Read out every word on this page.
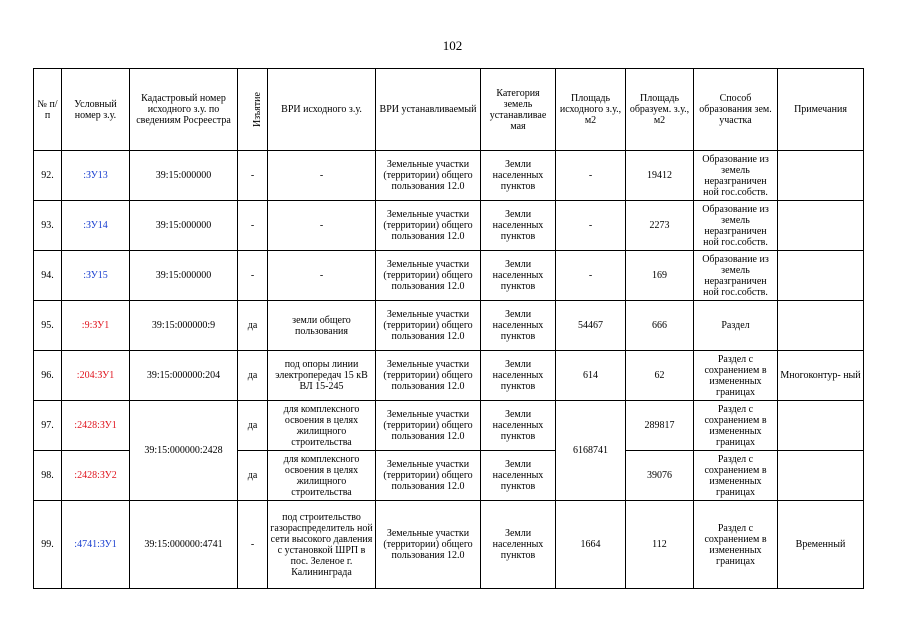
102
№ п/п	Условный номер з.у.	Кадастровый номер исходного з.у. по сведениям Росреестра	Изъятие	ВРИ исходного з.у.	ВРИ устанавливаемый	Категория земель устанавливае мая	Площадь исходного з.у., м2	Площадь образуем. з.у., м2	Способ образования зем. участка	Примечания
92.	:ЗУ13	39:15:000000	-	-	Земельные участки (территории) общего пользования 12.0	Земли населенных пунктов	-	19412	Образование из земель неразграничен ной гос.собств.	
93.	:ЗУ14	39:15:000000	-	-	Земельные участки (территории) общего пользования 12.0	Земли населенных пунктов	-	2273	Образование из земель неразграничен ной гос.собств.	
94.	:ЗУ15	39:15:000000	-	-	Земельные участки (территории) общего пользования 12.0	Земли населенных пунктов	-	169	Образование из земель неразграничен ной гос.собств.	
95.	:9:ЗУ1	39:15:000000:9	да	земли общего пользования	Земельные участки (территории) общего пользования 12.0	Земли населенных пунктов	54467	666	Раздел	
96.	:204:ЗУ1	39:15:000000:204	да	под опоры линии электропередач 15 кВ ВЛ 15-245	Земельные участки (территории) общего пользования 12.0	Земли населенных пунктов	614	62	Раздел с сохранением в измененных границах	Многоконтур- ный
97.	:2428:ЗУ1	39:15:000000:2428	да	для комплексного освоения в целях жилищного строительства	Земельные участки (территории) общего пользования 12.0	Земли населенных пунктов	6168741	289817	Раздел с сохранением в измененных границах	
98.	:2428:ЗУ2		да	для комплексного освоения в целях жилищного строительства	Земельные участки (территории) общего пользования 12.0	Земли населенных пунктов		39076	Раздел с сохранением в измененных границах	
99.	:4741:ЗУ1	39:15:000000:4741	-	под строительство газораспределитель ной сети высокого давления с установкой ШРП в пос. Зеленое г. Калининграда	Земельные участки (территории) общего пользования 12.0	Земли населенных пунктов	1664	112	Раздел с сохранением в измененных границах	Временный
